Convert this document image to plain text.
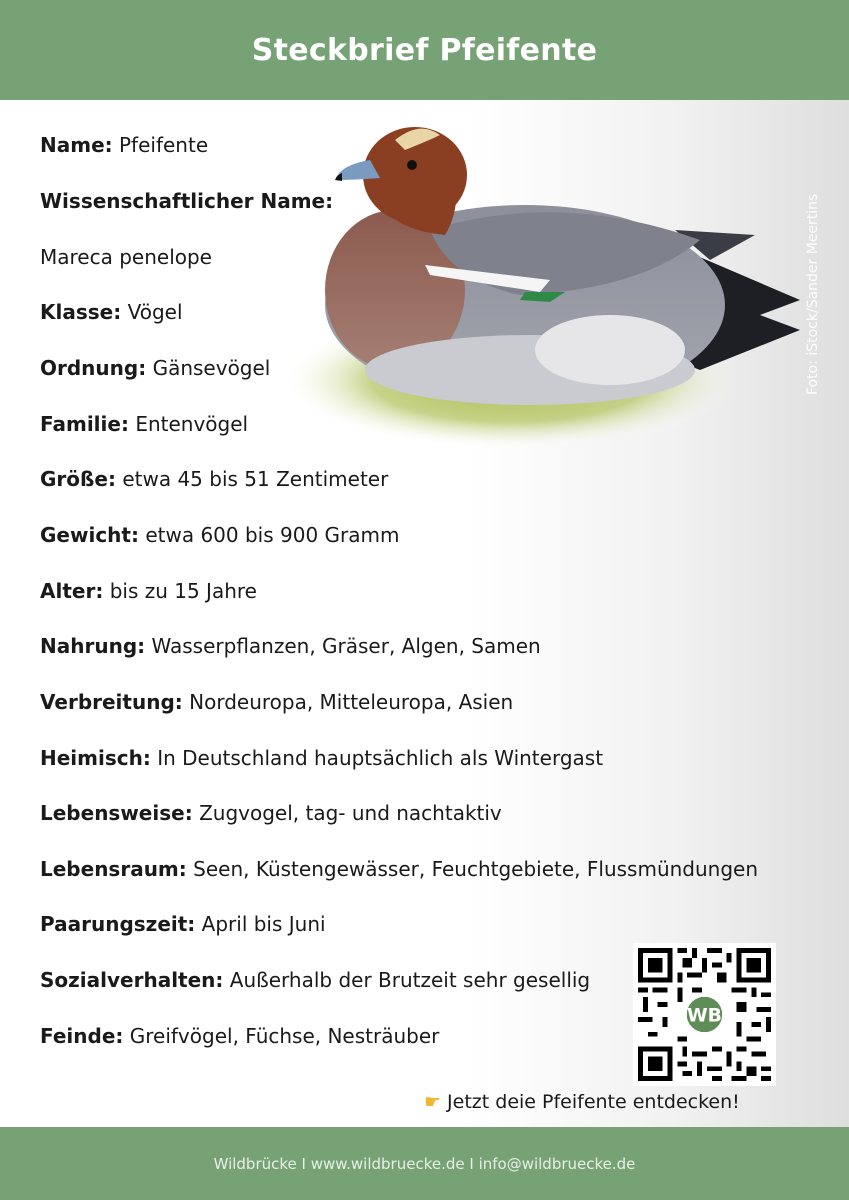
Steckbrief Pfeifente
Foto: iStock/Sander Meertins
Name: Pfeifente
Wissenschaftlicher Name:
Mareca penelope
Klasse: Vögel
Ordnung: Gänsevögel
Familie: Entenvögel
Größe: etwa 45 bis 51 Zentimeter
Gewicht: etwa 600 bis 900 Gramm
Alter: bis zu 15 Jahre
Nahrung: Wasserpflanzen, Gräser, Algen, Samen
Verbreitung: Nordeuropa, Mitteleuropa, Asien
Heimisch: In Deutschland hauptsächlich als Wintergast
Lebensweise: Zugvogel, tag- und nachtaktiv
Lebensraum: Seen, Küstengewässer, Feuchtgebiete, Flussmündungen
Paarungszeit: April bis Juni
Sozialverhalten: Außerhalb der Brutzeit sehr gesellig
Feinde: Greifvögel, Füchse, Nesträuber
WB
☛ Jetzt deie Pfeifente entdecken!
Wildbrücke I www.wildbruecke.de I info@wildbruecke.de
